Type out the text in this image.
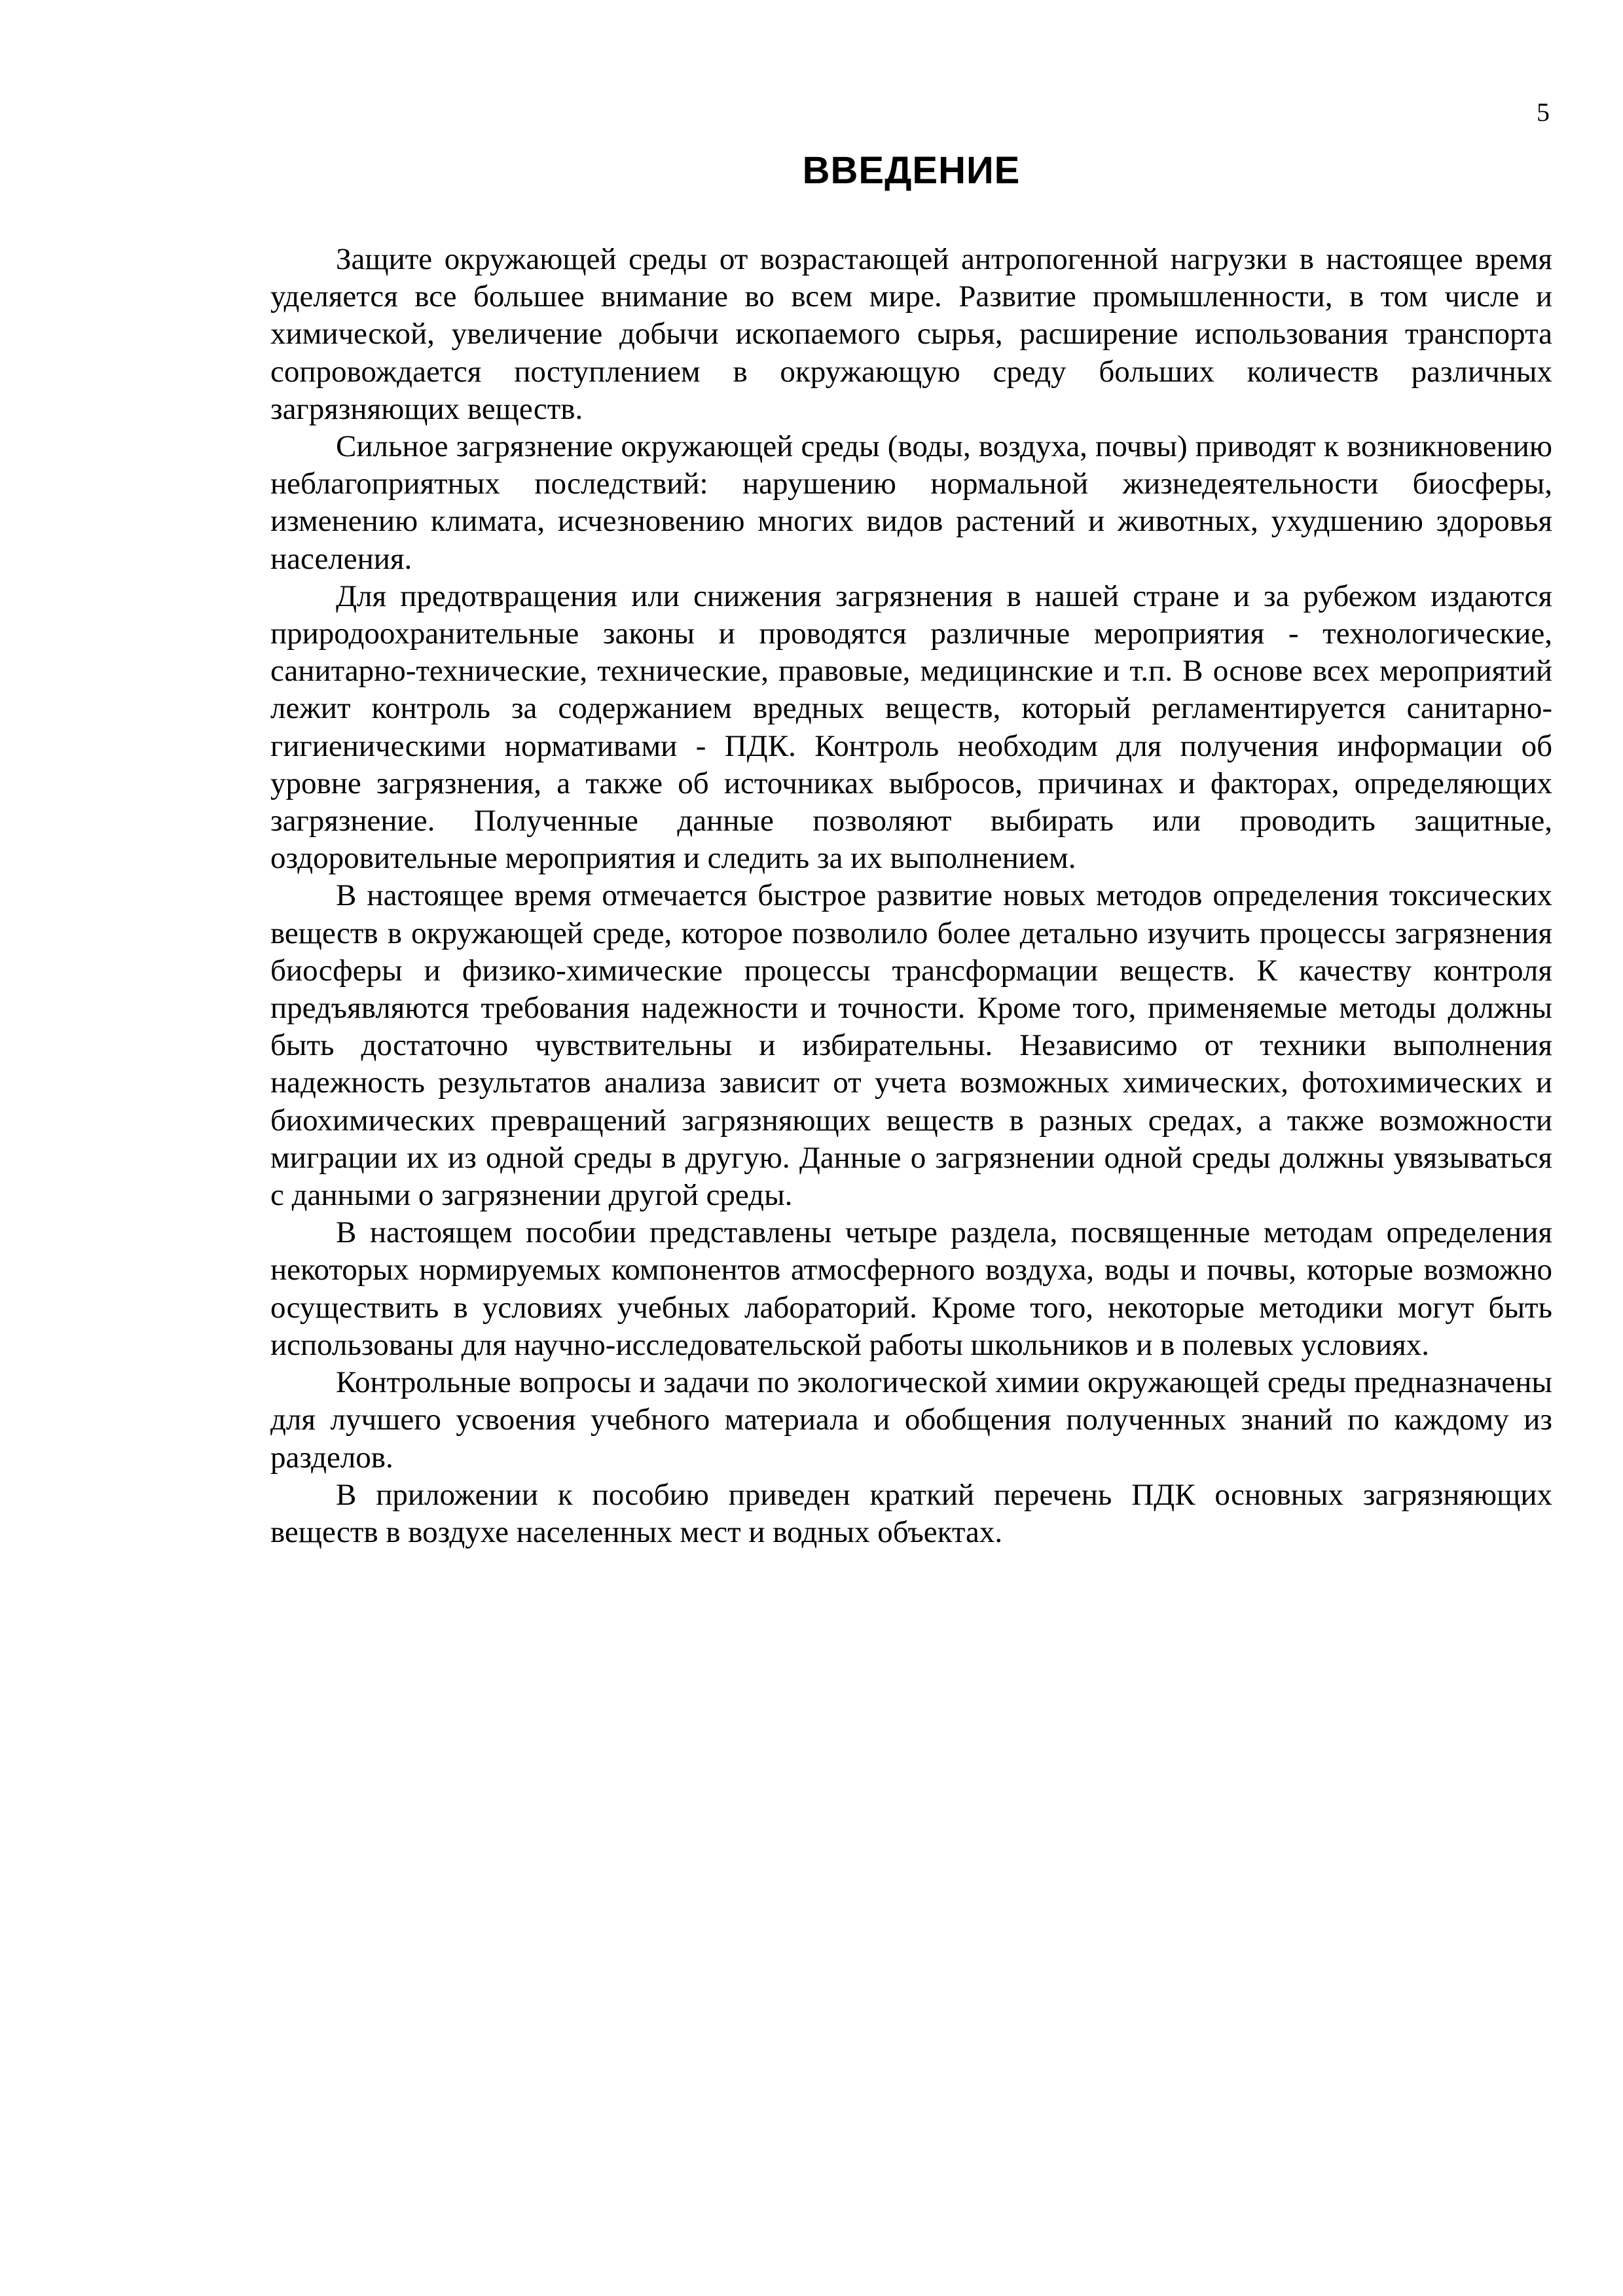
5
ВВЕДЕНИЕ

Защите окружающей среды от возрастающей антропогенной нагрузки в настоящее время уделяется все большее внимание во всем мире. Развитие промышленности, в том числе и химической, увеличение добычи ископаемого сырья, расширение использования транспорта сопровождается поступлением в окружающую среду больших количеств различных загрязняющих веществ.

Сильное загрязнение окружающей среды (воды, воздуха, почвы) приводят к возникновению неблагоприятных последствий: нарушению нормальной жизнедеятельности биосферы, изменению климата, исчезновению многих видов растений и животных, ухудшению здоровья населения.

Для предотвращения или снижения загрязнения в нашей стране и за рубежом издаются природоохранительные законы и проводятся различные мероприятия - технологические, санитарно-технические, технические, правовые, медицинские и т.п. В основе всех мероприятий лежит контроль за содержанием вредных веществ, который регламентируется санитарно-гигиеническими нормативами - ПДК. Контроль необходим для получения информации об уровне загрязнения, а также об источниках выбросов, причинах и факторах, определяющих загрязнение. Полученные данные позволяют выбирать или проводить защитные, оздоровительные мероприятия и следить за их выполнением.

В настоящее время отмечается быстрое развитие новых методов определения токсических веществ в окружающей среде, которое позволило более детально изучить процессы загрязнения биосферы и физико-химические процессы трансформации веществ. К качеству контроля предъявляются требования надежности и точности. Кроме того, применяемые методы должны быть достаточно чувствительны и избирательны. Независимо от техники выполнения надежность результатов анализа зависит от учета возможных химических, фотохимических и биохимических превращений загрязняющих веществ в разных средах, а также возможности миграции их из одной среды в другую. Данные о загрязнении одной среды должны увязываться с данными о загрязнении другой среды.

В настоящем пособии представлены четыре раздела, посвященные методам определения некоторых нормируемых компонентов атмосферного воздуха, воды и почвы, которые возможно осуществить в условиях учебных лабораторий. Кроме того, некоторые методики могут быть использованы для научно-исследовательской работы школьников и в полевых условиях.

Контрольные вопросы и задачи по экологической химии окружающей среды предназначены для лучшего усвоения учебного материала и обобщения полученных знаний по каждому из разделов.

В приложении к пособию приведен краткий перечень ПДК основных загрязняющих веществ в воздухе населенных мест и водных объектах.
